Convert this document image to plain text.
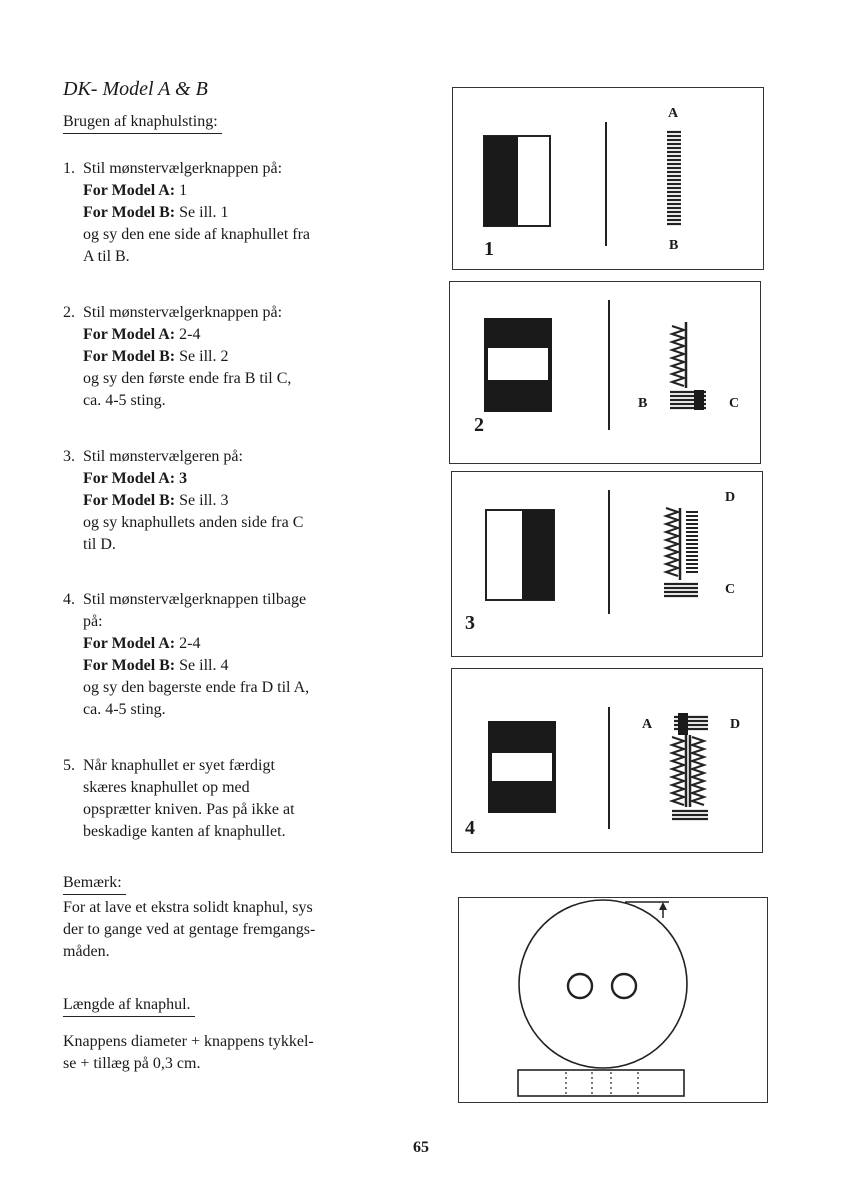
DK- Model A & B
Brugen af knaphulsting:
1. Stil mønstervælgerknappen på:
For Model A: 1
For Model B: Se ill. 1
og sy den ene side af knaphullet fra
A til B.
2. Stil mønstervælgerknappen på:
For Model A: 2-4
For Model B: Se ill. 2
og sy den første ende fra B til C,
ca. 4-5 sting.
3. Stil mønstervælgeren på:
For Model A: 3
For Model B: Se ill. 3
og sy knaphullets anden side fra C
til D.
4. Stil mønstervælgerknappen tilbage
på:
For Model A: 2-4
For Model B: Se ill. 4
og sy den bagerste ende fra D til A,
ca. 4-5 sting.
5. Når knaphullet er syet færdigt
skæres knaphullet op med
opsprætter kniven. Pas på ikke at
beskadige kanten af knaphullet.
Bemærk:
For at lave et ekstra solidt knaphul, sys
der to gange ved at gentage fremgangs-
måden.
Længde af knaphul.
Knappens diameter + knappens tykkel-
se + tillæg på 0,3 cm.
1
A
B
2
B	C
3
D
C
4
A	D
65
